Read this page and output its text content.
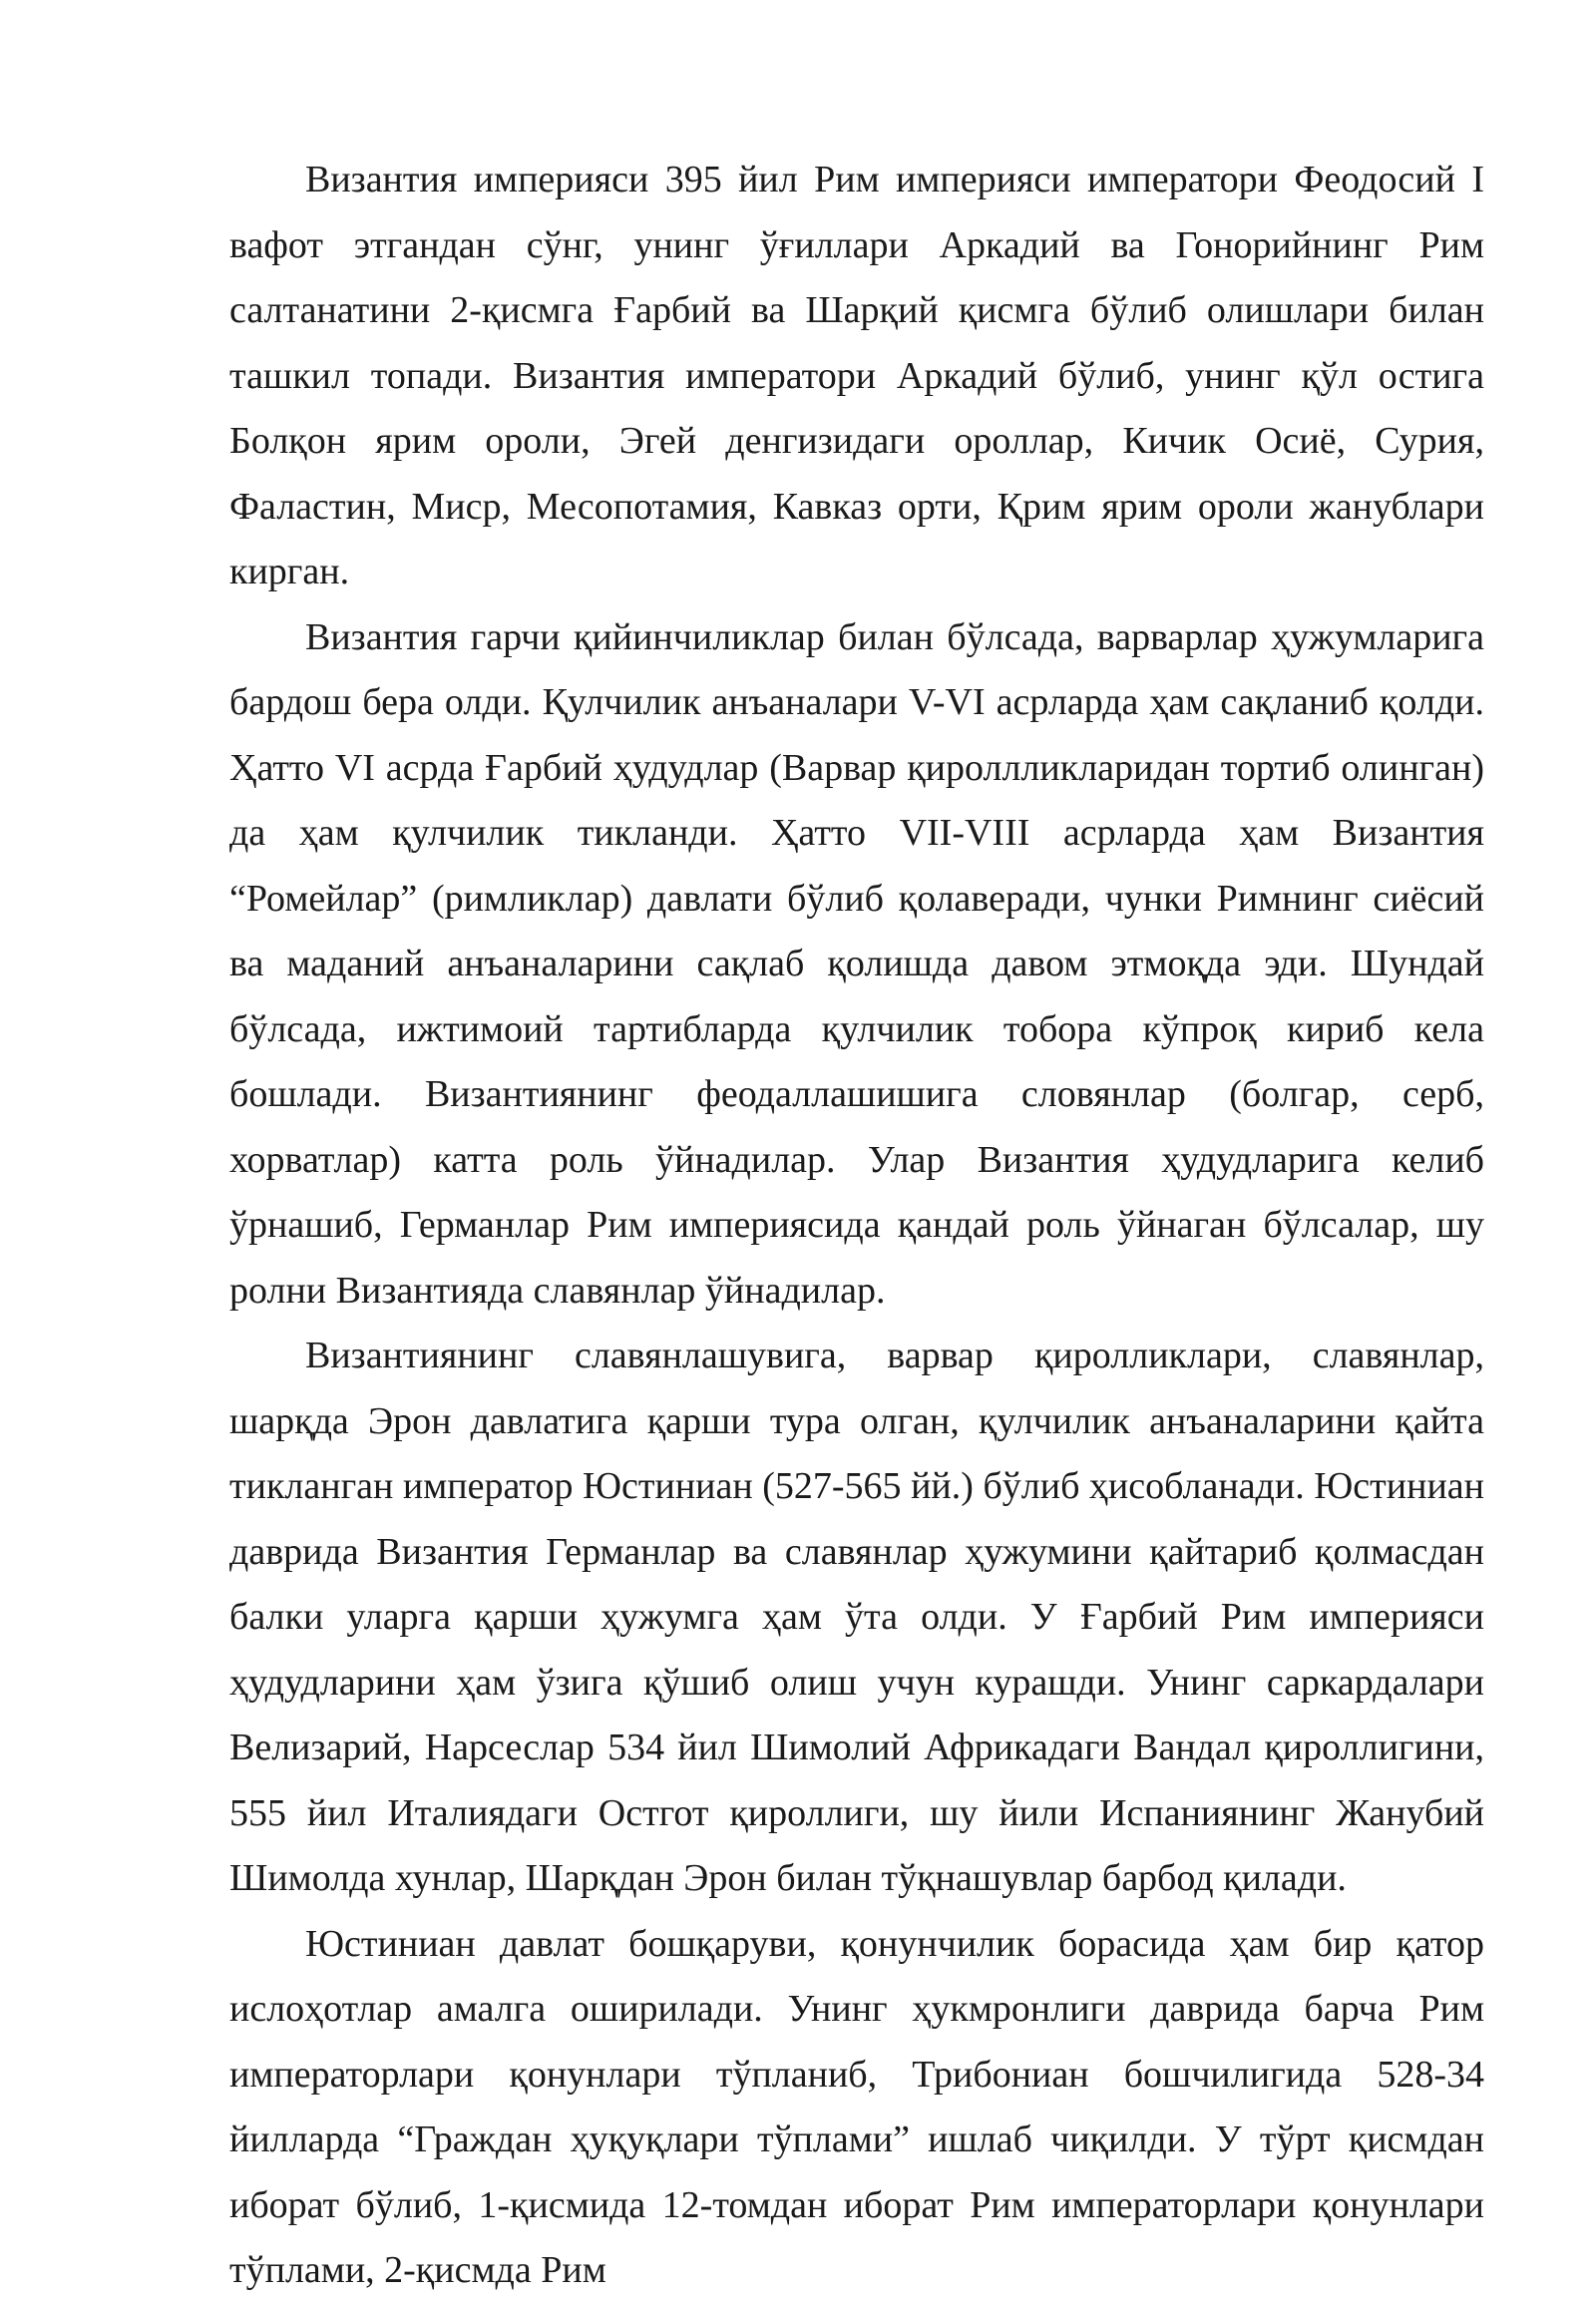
Византия империяси 395 йил Рим империяси императори Феодосий I вафот этгандан сўнг, унинг ўғиллари Аркадий ва Гонорийнинг Рим салтанатини 2-қисмга Ғарбий ва Шарқий қисмга бўлиб олишлари билан ташкил топади. Византия императори Аркадий бўлиб, унинг қўл остига Болқон ярим ороли, Эгей денгизидаги ороллар, Кичик Осиё, Сурия, Фаластин, Миср, Месопотамия, Кавказ орти, Қрим ярим ороли жанублари кирган.

Византия гарчи қийинчиликлар билан бўлсада, варварлар ҳужумларига бардош бера олди. Қулчилик анъаналари V-VI асрларда ҳам сақланиб қолди. Ҳатто VI асрда Ғарбий ҳудудлар (Варвар қироллликларидан тортиб олинган) да ҳам қулчилик тикланди. Ҳатто VII-VIII асрларда ҳам Византия “Ромейлар” (римликлар) давлати бўлиб қолаверади, чунки Римнинг сиёсий ва маданий анъаналарини сақлаб қолишда давом этмоқда эди. Шундай бўлсада, ижтимоий тартибларда қулчилик тобора кўпроқ кириб кела бошлади. Византиянинг феодаллашишига словянлар (болгар, серб, хорватлар) катта роль ўйнадилар. Улар Византия ҳудудларига келиб ўрнашиб, Германлар Рим империясида қандай роль ўйнаган бўлсалар, шу ролни Византияда славянлар ўйнадилар.

Византиянинг славянлашувига, варвар қиролликлари, славянлар, шарқда Эрон давлатига қарши тура олган, қулчилик анъаналарини қайта тикланган император Юстиниан (527-565 йй.) бўлиб ҳисобланади. Юстиниан даврида Византия Германлар ва славянлар ҳужумини қайтариб қолмасдан балки уларга қарши ҳужумга ҳам ўта олди. У Ғарбий Рим империяси ҳудудларини ҳам ўзига қўшиб олиш учун курашди. Унинг саркардалари Велизарий, Нарсеслар 534 йил Шимолий Африкадаги Вандал қироллигини, 555 йил Италиядаги Остгот қироллиги, шу йили Испаниянинг Жанубий Шимолда хунлар, Шарқдан Эрон билан тўқнашувлар барбод қилади.

Юстиниан давлат бошқаруви, қонунчилик борасида ҳам бир қатор ислоҳотлар амалга оширилади. Унинг ҳукмронлиги даврида барча Рим императорлари қонунлари тўпланиб, Трибониан бошчилигида 528-34 йилларда “Граждан ҳуқуқлари тўплами” ишлаб чиқилди. У тўрт қисмдан иборат бўлиб, 1-қисмида 12-томдан иборат Рим императорлари қонунлари тўплами, 2-қисмда Рим
